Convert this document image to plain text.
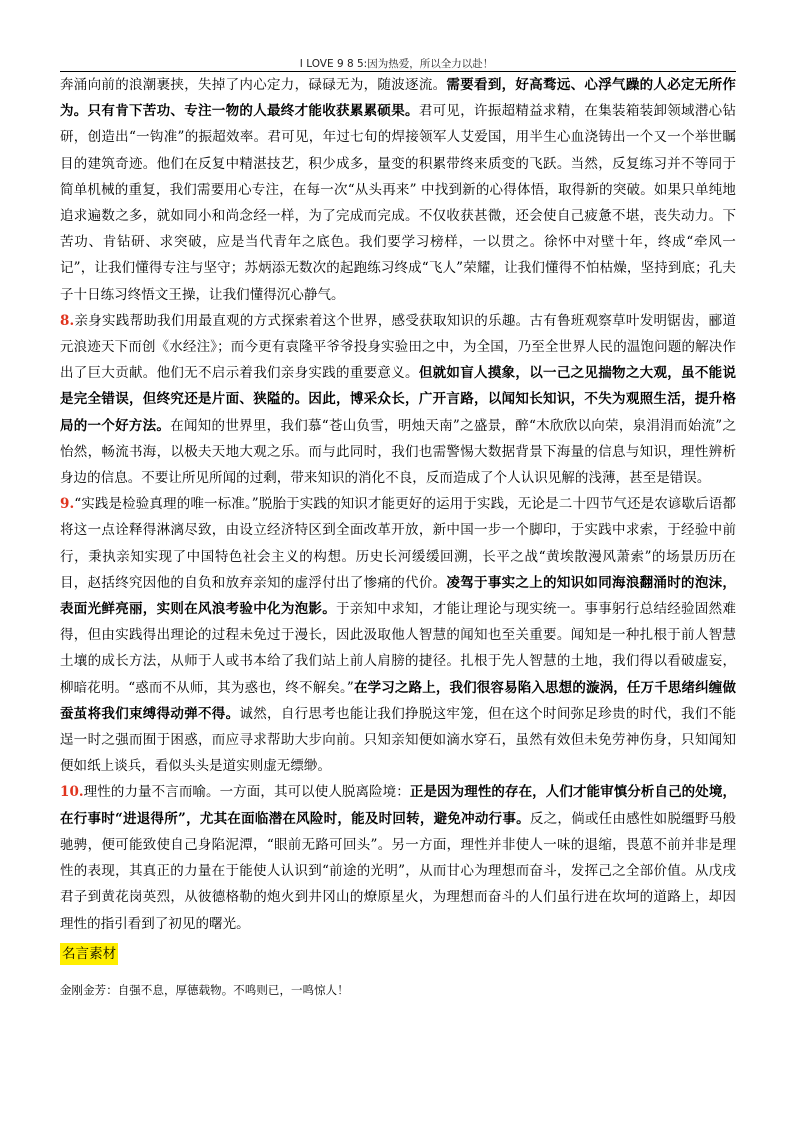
I LOVE 9 8 5:因为热爱，所以全力以赴！

奔涌向前的浪潮裹挟，失掉了内心定力，碌碌无为，随波逐流。需要看到，好高骛远、心浮气躁的人必定无所作为。只有肯下苦功、专注一物的人最终才能收获累累硕果。君可见，许振超精益求精，在集装箱装卸领域潜心钻研，创造出“一钩准”的振超效率。君可见，年过七旬的焊接领军人艾爱国，用半生心血浇铸出一个又一个举世瞩目的建筑奇迹。他们在反复中精湛技艺，积少成多，量变的积累带终来质变的飞跃。当然，反复练习并不等同于简单机械的重复，我们需要用心专注，在每一次“从头再来” 中找到新的心得体悟，取得新的突破。如果只单纯地追求遍数之多，就如同小和尚念经一样，为了完成而完成。不仅收获甚微，还会使自己疲惫不堪，丧失动力。下苦功、肯钻研、求突破，应是当代青年之底色。我们要学习榜样，一以贯之。徐怀中对壁十年，终成“牵风一记”，让我们懂得专注与坚守；苏炳添无数次的起跑练习终成“飞人”荣耀，让我们懂得不怕枯燥，坚持到底；孔夫子十日练习终悟文王操，让我们懂得沉心静气。

8.亲身实践帮助我们用最直观的方式探索着这个世界，感受获取知识的乐趣。古有鲁班观察草叶发明锯齿，郦道元浪迹天下而创《水经注》；而今更有袁隆平爷爷投身实验田之中，为全国，乃至全世界人民的温饱问题的解决作出了巨大贡献。他们无不启示着我们亲身实践的重要意义。但就如盲人摸象，以一己之见揣物之大观，虽不能说是完全错误，但终究还是片面、狭隘的。因此，博采众长，广开言路，以闻知长知识，不失为观照生活，提升格局的一个好方法。在闻知的世界里，我们慕“苍山负雪，明烛天南”之盛景，醉“木欣欣以向荣，泉涓涓而始流”之怡然，畅流书海，以极夫天地大观之乐。而与此同时，我们也需警惕大数据背景下海量的信息与知识，理性辨析身边的信息。不要让所见所闻的过剩，带来知识的消化不良，反而造成了个人认识见解的浅薄，甚至是错误。

9.“实践是检验真理的唯一标准。”脱胎于实践的知识才能更好的运用于实践，无论是二十四节气还是农谚歇后语都将这一点诠释得淋漓尽致，由设立经济特区到全面改革开放，新中国一步一个脚印，于实践中求索，于经验中前行，秉执亲知实现了中国特色社会主义的构想。历史长河缓缓回溯，长平之战“黄埃散漫风萧索”的场景历历在目，赵括终究因他的自负和放弃亲知的虚浮付出了惨痛的代价。凌驾于事实之上的知识如同海浪翻涌时的泡沫，表面光鲜亮丽，实则在风浪考验中化为泡影。于亲知中求知，才能让理论与现实统一。事事躬行总结经验固然难得，但由实践得出理论的过程未免过于漫长，因此汲取他人智慧的闻知也至关重要。闻知是一种扎根于前人智慧土壤的成长方法，从师于人或书本给了我们站上前人肩膀的捷径。扎根于先人智慧的土地，我们得以看破虚妄，柳暗花明。“惑而不从师，其为惑也，终不解矣。”在学习之路上，我们很容易陷入思想的漩涡，任万千思绪纠缠做蚕茧将我们束缚得动弹不得。诚然，自行思考也能让我们挣脱这牢笼，但在这个时间弥足珍贵的时代，我们不能逞一时之强而囿于困惑，而应寻求帮助大步向前。只知亲知便如滴水穿石，虽然有效但未免劳神伤身，只知闻知便如纸上谈兵，看似头头是道实则虚无缥缈。

10.理性的力量不言而喻。一方面，其可以使人脱离险境：正是因为理性的存在，人们才能审慎分析自己的处境，在行事时“进退得所”，尤其在面临潜在风险时，能及时回转，避免冲动行事。反之，倘或任由感性如脱缰野马般驰骋，便可能致使自己身陷泥潭，“眼前无路可回头”。另一方面，理性并非使人一味的退缩，畏葸不前并非是理性的表现，其真正的力量在于能使人认识到“前途的光明”，从而甘心为理想而奋斗，发挥己之全部价值。从戊戌君子到黄花岗英烈，从彼德格勒的炮火到井冈山的燎原星火，为理想而奋斗的人们虽行进在坎坷的道路上，却因理性的指引看到了初见的曙光。

名言素材
金刚金芳：自强不息，厚德载物。不鸣则已，一鸣惊人！
